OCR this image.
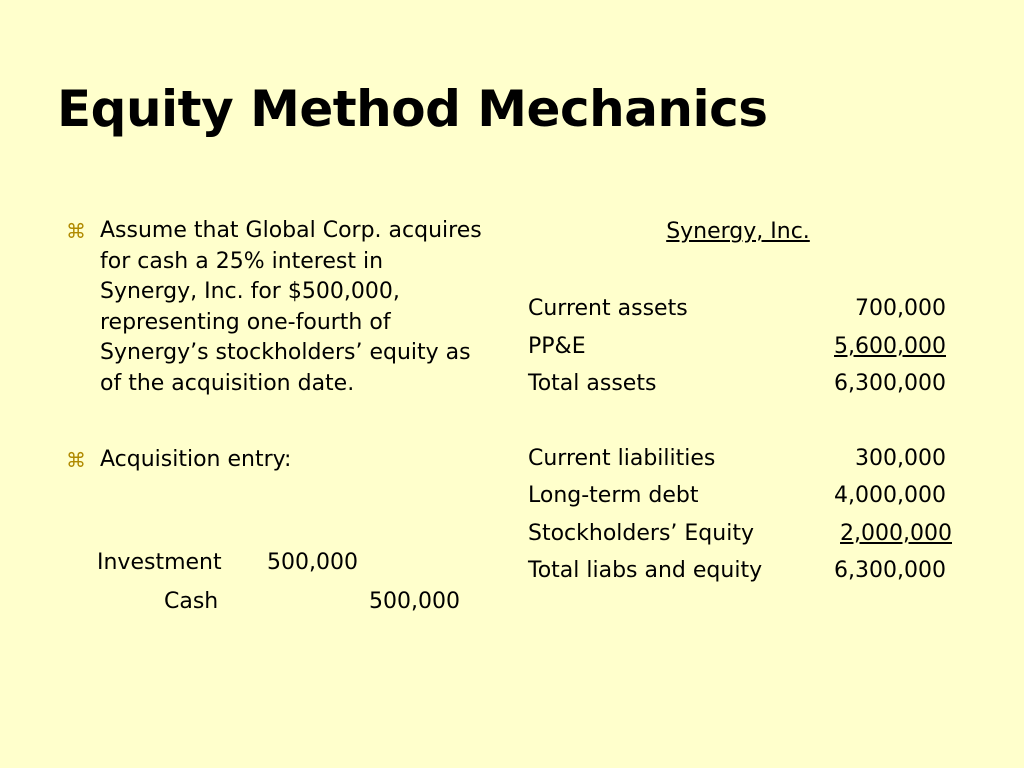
Equity Method Mechanics
⌘ Assume that Global Corp. acquires for cash a 25% interest in Synergy, Inc. for $500,000, representing one-fourth of Synergy’s stockholders’ equity as of the acquisition date.
⌘ Acquisition entry:
Investment 500,000
Cash	500,000
Synergy, Inc.
Current assets	700,000
PP&E	5,600,000
Total assets	6,300,000
Current liabilities	300,000
Long-term debt	4,000,000
Stockholders’ Equity	2,000,000
Total liabs and equity	6,300,000
